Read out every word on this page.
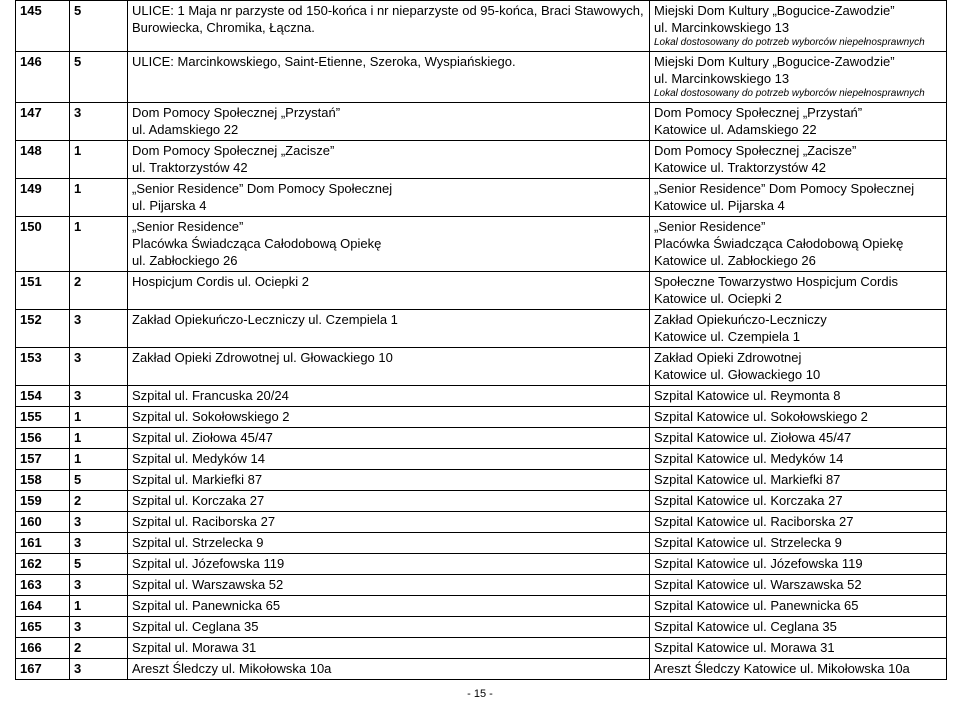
145	5	ULICE: 1 Maja nr parzyste od 150-końca i nr nieparzyste od 95-końca, Braci Stawowych, Burowiecka, Chromika, Łączna.	Miejski Dom Kultury „Bogucice-Zawodzie”
ul. Marcinkowskiego 13
Lokal dostosowany do potrzeb wyborców niepełnosprawnych

146	5	ULICE: Marcinkowskiego, Saint-Etienne, Szeroka, Wyspiańskiego.	Miejski Dom Kultury „Bogucice-Zawodzie”
ul. Marcinkowskiego 13
Lokal dostosowany do potrzeb wyborców niepełnosprawnych

147	3	Dom Pomocy Społecznej „Przystań”
ul. Adamskiego 22	Dom Pomocy Społecznej „Przystań”
Katowice ul. Adamskiego 22

148	1	Dom Pomocy Społecznej „Zacisze”
ul. Traktorzystów 42	Dom Pomocy Społecznej „Zacisze”
Katowice ul. Traktorzystów 42

149	1	„Senior Residence” Dom Pomocy Społecznej
ul. Pijarska 4	„Senior Residence” Dom Pomocy Społecznej
Katowice ul. Pijarska 4

150	1	„Senior Residence”
Placówka Świadcząca Całodobową Opiekę
ul. Zabłockiego 26	„Senior Residence”
Placówka Świadcząca Całodobową Opiekę
Katowice ul. Zabłockiego 26

151	2	Hospicjum Cordis ul. Ociepki 2	Społeczne Towarzystwo Hospicjum Cordis
Katowice ul. Ociepki 2

152	3	Zakład Opiekuńczo-Leczniczy ul. Czempiela 1	Zakład Opiekuńczo-Leczniczy
Katowice ul. Czempiela 1

153	3	Zakład Opieki Zdrowotnej ul. Głowackiego 10	Zakład Opieki Zdrowotnej
Katowice ul. Głowackiego 10

154	3	Szpital ul. Francuska 20/24	Szpital Katowice ul. Reymonta 8

155	1	Szpital ul. Sokołowskiego 2	Szpital Katowice ul. Sokołowskiego 2

156	1	Szpital ul. Ziołowa 45/47	Szpital Katowice ul. Ziołowa 45/47

157	1	Szpital ul. Medyków 14	Szpital Katowice ul. Medyków 14

158	5	Szpital ul. Markiefki 87	Szpital Katowice ul. Markiefki 87

159	2	Szpital ul. Korczaka 27	Szpital Katowice ul. Korczaka 27

160	3	Szpital ul. Raciborska 27	Szpital Katowice ul. Raciborska 27

161	3	Szpital ul. Strzelecka 9	Szpital Katowice ul. Strzelecka 9

162	5	Szpital ul. Józefowska 119	Szpital Katowice ul. Józefowska 119

163	3	Szpital ul. Warszawska 52	Szpital Katowice ul. Warszawska 52

164	1	Szpital ul. Panewnicka 65	Szpital Katowice ul. Panewnicka 65

165	3	Szpital ul. Ceglana 35	Szpital Katowice ul. Ceglana 35

166	2	Szpital ul. Morawa 31	Szpital Katowice ul. Morawa 31

167	3	Areszt Śledczy ul. Mikołowska 10a	Areszt Śledczy Katowice ul. Mikołowska 10a
- 15 -
